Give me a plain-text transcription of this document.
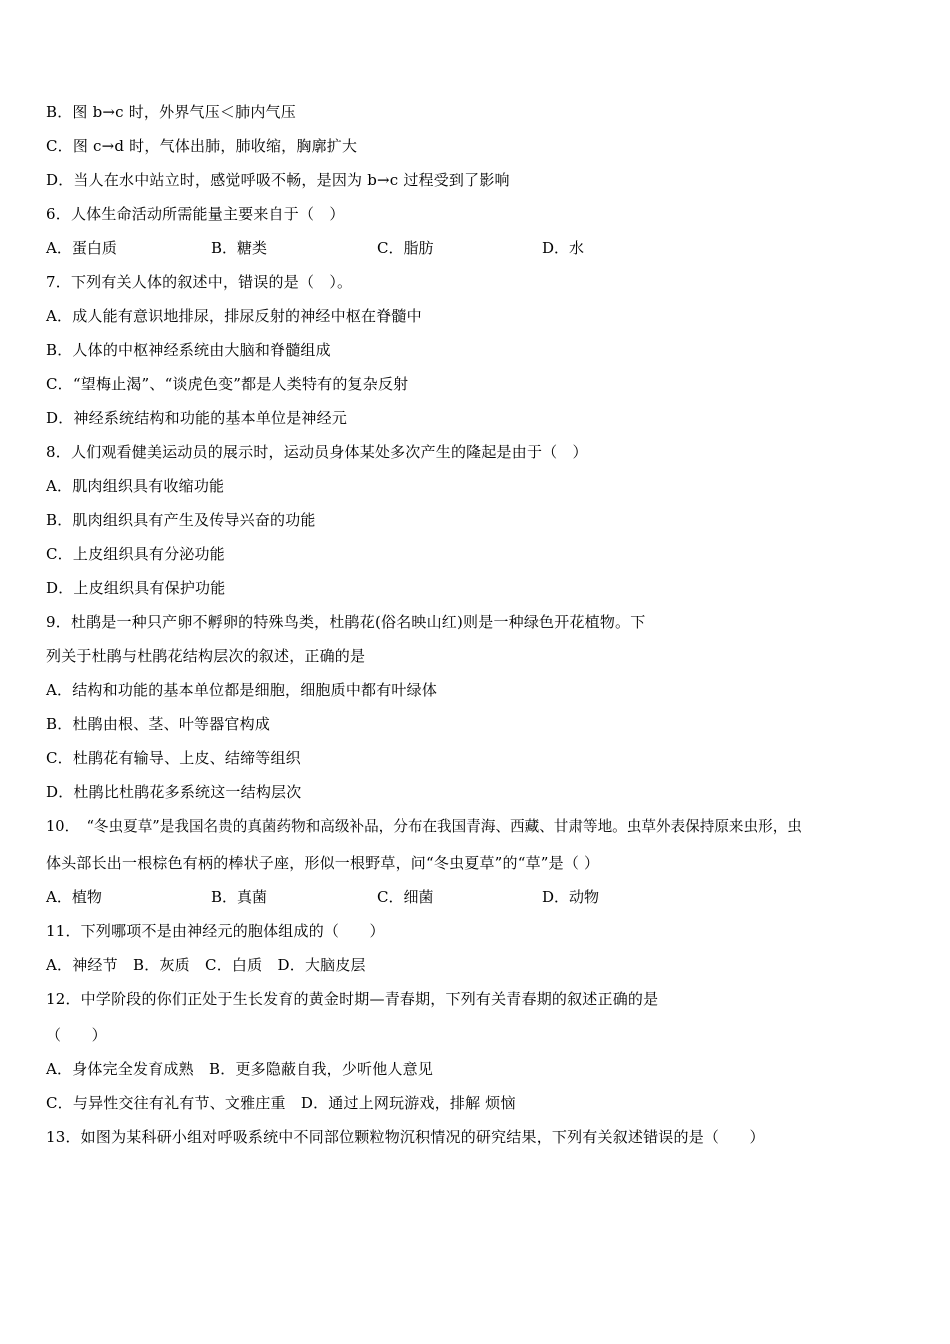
B．图 b→c 时，外界气压＜肺内气压
C．图 c→d 时，气体出肺，肺收缩，胸廓扩大
D．当人在水中站立时，感觉呼吸不畅，是因为 b→c 过程受到了影响
6．人体生命活动所需能量主要来自于（　）
A．蛋白质	B．糖类	C．脂肪	D．水
7．下列有关人体的叙述中，错误的是（　）。
A．成人能有意识地排尿，排尿反射的神经中枢在脊髓中
B．人体的中枢神经系统由大脑和脊髓组成
C．“望梅止渴”、“谈虎色变”都是人类特有的复杂反射
D．神经系统结构和功能的基本单位是神经元
8．人们观看健美运动员的展示时，运动员身体某处多次产生的隆起是由于（　）
A．肌肉组织具有收缩功能
B．肌肉组织具有产生及传导兴奋的功能
C．上皮组织具有分泌功能
D．上皮组织具有保护功能
9．杜鹃是一种只产卵不孵卵的特殊鸟类，杜鹃花(俗名映山红)则是一种绿色开花植物。下
列关于杜鹃与杜鹃花结构层次的叙述，正确的是
A．结构和功能的基本单位都是细胞，细胞质中都有叶绿体
B．杜鹃由根、茎、叶等器官构成
C．杜鹃花有输导、上皮、结缔等组织
D．杜鹃比杜鹃花多系统这一结构层次
10．　“冬虫夏草”是我国名贵的真菌药物和高级补品，分布在我国青海、西藏、甘肃等地。虫草外表保持原来虫形，虫
体头部长出一根棕色有柄的棒状子座，形似一根野草，问“冬虫夏草”的“草”是（ ）
A．植物	B．真菌	C．细菌	D．动物
11．下列哪项不是由神经元的胞体组成的（　　）
A．神经节　B．灰质　C．白质　D．大脑皮层
12．中学阶段的你们正处于生长发育的黄金时期—青春期，下列有关青春期的叙述正确的是
（　　）
A．身体完全发育成熟　B．更多隐蔽自我，少听他人意见
C．与异性交往有礼有节、文雅庄重　D．通过上网玩游戏，排解 烦恼
13．如图为某科研小组对呼吸系统中不同部位颗粒物沉积情况的研究结果，下列有关叙述错误的是（　　）
